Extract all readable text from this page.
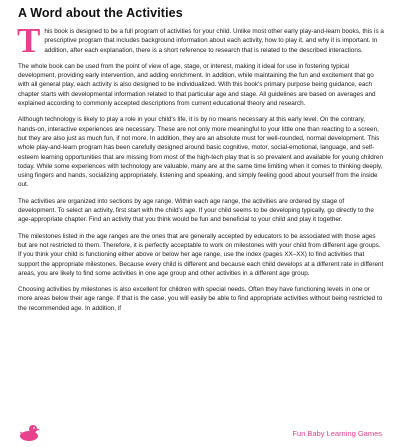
A Word about the Activities

This book is designed to be a full program of activities for your child. Unlike most other early play-and-learn books, this is a prescriptive program that includes background information about each activity, how to play it, and why it is important. In addition, after each explanation, there is a short reference to research that is related to the described interactions.

The whole book can be used from the point of view of age, stage, or interest, making it ideal for use in fostering typical development, providing early intervention, and adding enrichment. In addition, while maintaining the fun and excitement that go with all general play, each activity is also designed to be individualized. With this book's primary purpose being guidance, each chapter starts with developmental information related to that particular age and stage. All guidelines are based on averages and explained according to commonly accepted descriptions from current educational theory and research.

Although technology is likely to play a role in your child's life, it is by no means necessary at this early level. On the contrary, hands-on, interactive experiences are necessary. These are not only more meaningful to your little one than reacting to a screen, but they are also just as much fun, if not more. In addition, they are an absolute must for well-rounded, normal development. This whole play-and-learn program has been carefully designed around basic cognitive, motor, social-emotional, language, and self-esteem learning opportunities that are missing from most of the high-tech play that is so prevalent and available for young children today. While some experiences with technology are valuable, many are at the same time limiting when it comes to thinking deeply, using fingers and hands, socializing appropriately, listening and speaking, and simply feeling good about yourself from the inside out.

The activities are organized into sections by age range. Within each age range, the activities are ordered by stage of development. To select an activity, first start with the child's age. If your child seems to be developing typically, go directly to the age-appropriate chapter. Find an activity that you think would be fun and beneficial to your child and play it together.

The milestones listed in the age ranges are the ones that are generally accepted by educators to be associated with those ages but are not restricted to them. Therefore, it is perfectly acceptable to work on milestones with your child from different age groups. If you think your child is functioning either above or below her age range, use the index (pages XX–XX) to find activities that support the appropriate milestones. Because every child is different and because each child develops at a different rate in different areas, you are likely to find some activities in one age group and other activities in a different age group.

Choosing activities by milestones is also excellent for children with special needs. Often they have functioning levels in one or more areas below their age range. If that is the case, you will easily be able to find appropriate activities without being restricted to the recommended age. In addition, if

Fun Baby Learning Games
